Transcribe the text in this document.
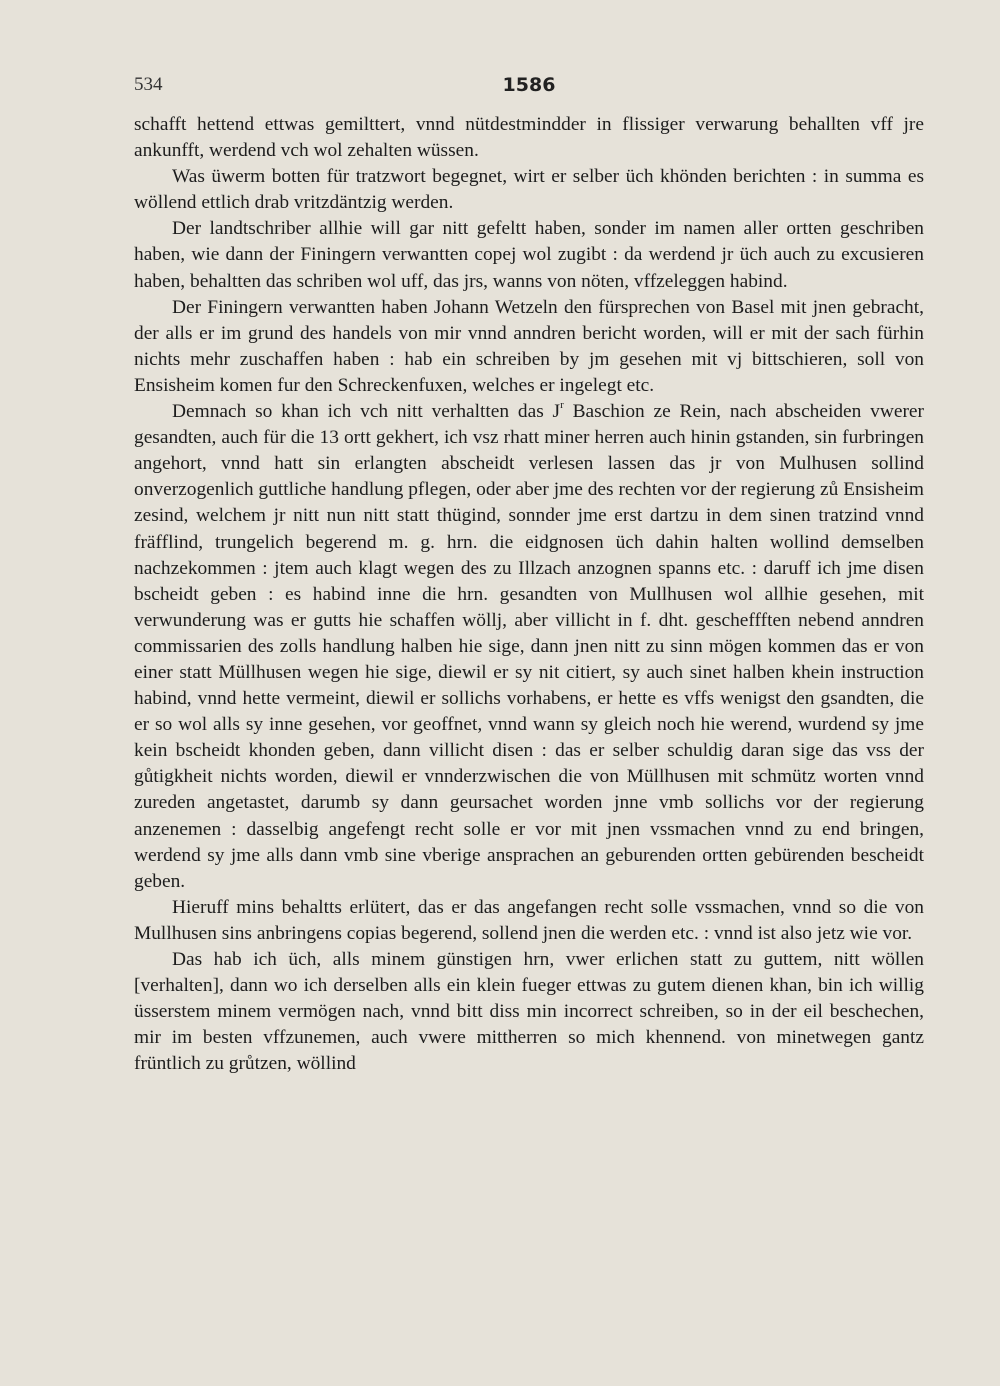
534	1586

schafft hettend ettwas gemilttert, vnnd nütdestmindder in flissiger verwarung behallten vff jre ankunfft, werdend vch wol zehalten wüssen.

Was üwerm botten für tratzwort begegnet, wirt er selber üch khönden berichten : in summa es wöllend ettlich drab vritzdäntzig werden.

Der landtschriber allhie will gar nitt gefeltt haben, sonder im namen aller ortten geschriben haben, wie dann der Finingern verwantten copej wol zugibt : da werdend jr üch auch zu excusieren haben, behaltten das schriben wol uff, das jrs, wanns von nöten, vffzeleggen habind.

Der Finingern verwantten haben Johann Wetzeln den fürsprechen von Basel mit jnen gebracht, der alls er im grund des handels von mir vnnd anndren bericht worden, will er mit der sach fürhin nichts mehr zuschaffen haben : hab ein schreiben by jm gesehen mit vj bittschieren, soll von Ensisheim komen fur den Schreckenfuxen, welches er ingelegt etc.

Demnach so khan ich vch nitt verhaltten das $J^r$ Baschion ze Rein, nach abscheiden vwerer gesandten, auch für die 13 ortt gekhert, ich vsz rhatt miner herren auch hinin gstanden, sin furbringen angehort, vnnd hatt sin erlangten abscheidt verlesen lassen das jr von Mulhusen sollind onverzogenlich guttliche handlung pflegen, oder aber jme des rechten vor der regierung zů Ensisheim zesind, welchem jr nitt nun nitt statt thügind, sonnder jme erst dartzu in dem sinen tratzind vnnd fräfflind, trungelich begerend m. g. hrn. die eidgnosen üch dahin halten wollind demselben nachzekommen : jtem auch klagt wegen des zu Illzach anzognen spanns etc. : daruff ich jme disen bscheidt geben : es habind inne die hrn. gesandten von Mullhusen wol allhie gesehen, mit verwunderung was er gutts hie schaffen wöllj, aber villicht in f. dht. gescheffften nebend anndren commissarien des zolls handlung halben hie sige, dann jnen nitt zu sinn mögen kommen das er von einer statt Müllhusen wegen hie sige, diewil er sy nit citiert, sy auch sinet halben khein instruction habind, vnnd hette vermeint, diewil er sollichs vorhabens, er hette es vffs wenigst den gsandten, die er so wol alls sy inne gesehen, vor geoffnet, vnnd wann sy gleich noch hie werend, wurdend sy jme kein bscheidt khonden geben, dann villicht disen : das er selber schuldig daran sige das vss der gůtigkheit nichts worden, diewil er vnnderzwischen die von Müllhusen mit schmütz worten vnnd zureden angetastet, darumb sy dann geursachet worden jnne vmb sollichs vor der regierung anzenemen : dasselbig angefengt recht solle er vor mit jnen vssmachen vnnd zu end bringen, werdend sy jme alls dann vmb sine vberige ansprachen an geburenden ortten gebürenden bescheidt geben.

Hieruff mins behaltts erlütert, das er das angefangen recht solle vssmachen, vnnd so die von Mullhusen sins anbringens copias begerend, sollend jnen die werden etc. : vnnd ist also jetz wie vor.

Das hab ich üch, alls minem günstigen hrn, vwer erlichen statt zu guttem, nitt wöllen [verhalten], dann wo ich derselben alls ein klein fueger ettwas zu gutem dienen khan, bin ich willig üsserstem minem vermögen nach, vnnd bitt diss min incorrect schreiben, so in der eil beschechen, mir im besten vffzunemen, auch vwere mittherren so mich khennend. von minetwegen gantz früntlich zu grůtzen, wöllind
